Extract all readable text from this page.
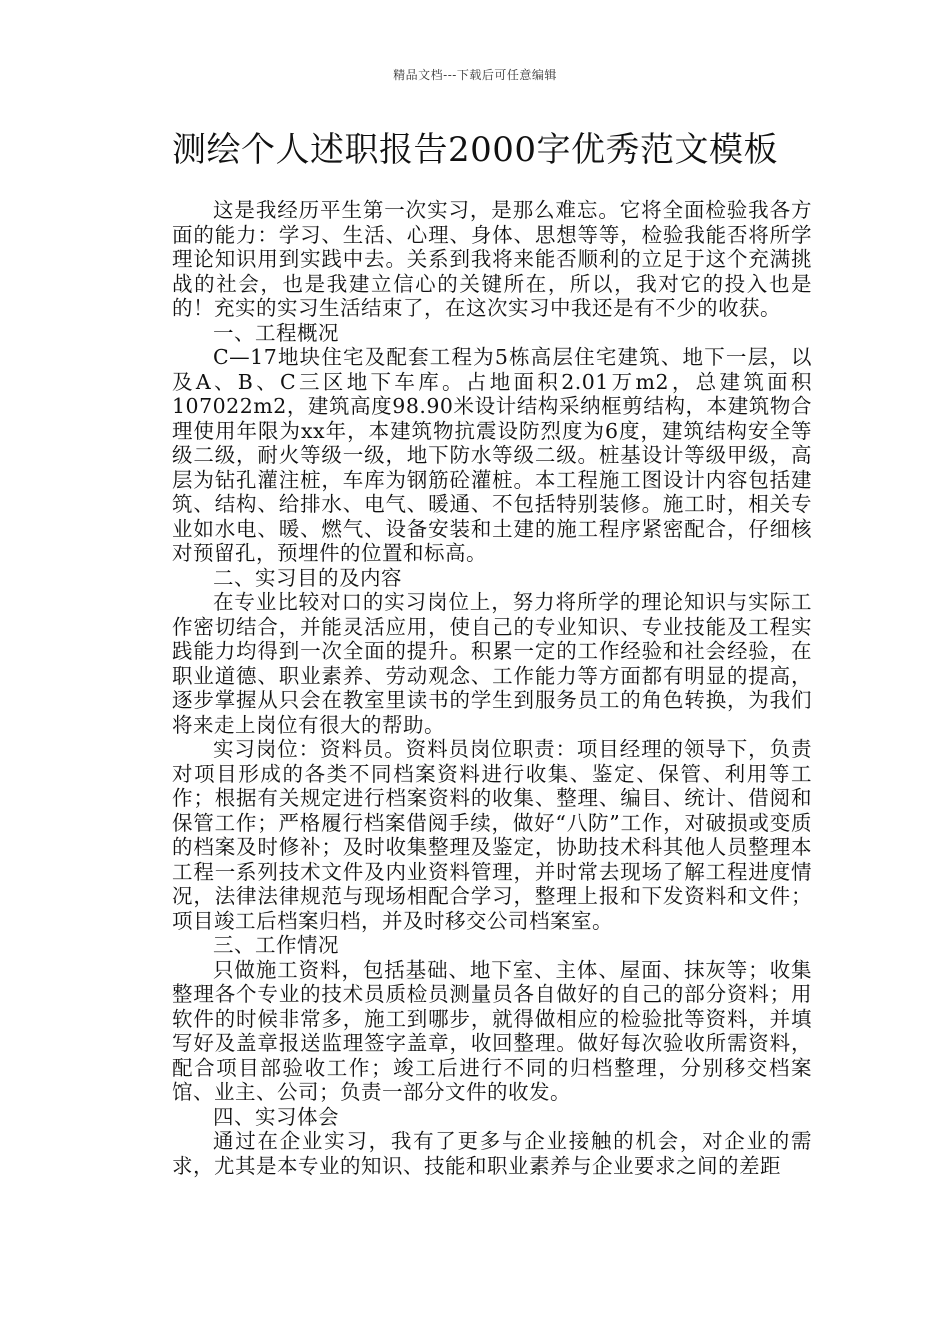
精品文档---下载后可任意编辑
测绘个人述职报告2000字优秀范文模板

这是我经历平生第一次实习，是那么难忘。它将全面检验我各方面的能力：学习、生活、心理、身体、思想等等，检验我能否将所学理论知识用到实践中去。关系到我将来能否顺利的立足于这个充满挑战的社会，也是我建立信心的关键所在，所以，我对它的投入也是的！充实的实习生活结束了，在这次实习中我还是有不少的收获。

一、工程概况

C—17地块住宅及配套工程为5栋高层住宅建筑、地下一层，以及A、B、C三区地下车库。占地面积2.01万m2，总建筑面积107022m2，建筑高度98.90米设计结构采纳框剪结构，本建筑物合理使用年限为xx年，本建筑物抗震设防烈度为6度，建筑结构安全等级二级，耐火等级一级，地下防水等级二级。桩基设计等级甲级，高层为钻孔灌注桩，车库为钢筋砼灌桩。本工程施工图设计内容包括建筑、结构、给排水、电气、暖通、不包括特别装修。施工时，相关专业如水电、暖、燃气、设备安装和土建的施工程序紧密配合，仔细核对预留孔，预埋件的位置和标高。

二、实习目的及内容

在专业比较对口的实习岗位上，努力将所学的理论知识与实际工作密切结合，并能灵活应用，使自己的专业知识、专业技能及工程实践能力均得到一次全面的提升。积累一定的工作经验和社会经验，在职业道德、职业素养、劳动观念、工作能力等方面都有明显的提高，逐步掌握从只会在教室里读书的学生到服务员工的角色转换，为我们将来走上岗位有很大的帮助。

实习岗位：资料员。资料员岗位职责：项目经理的领导下，负责对项目形成的各类不同档案资料进行收集、鉴定、保管、利用等工作；根据有关规定进行档案资料的收集、整理、编目、统计、借阅和保管工作；严格履行档案借阅手续，做好“八防”工作，对破损或变质的档案及时修补；及时收集整理及鉴定，协助技术科其他人员整理本工程一系列技术文件及内业资料管理，并时常去现场了解工程进度情况，法律法律规范与现场相配合学习，整理上报和下发资料和文件；项目竣工后档案归档，并及时移交公司档案室。

三、工作情况

只做施工资料，包括基础、地下室、主体、屋面、抹灰等；收集整理各个专业的技术员质检员测量员各自做好的自己的部分资料；用软件的时候非常多，施工到哪步，就得做相应的检验批等资料，并填写好及盖章报送监理签字盖章，收回整理。做好每次验收所需资料，配合项目部验收工作；竣工后进行不同的归档整理，分别移交档案馆、业主、公司；负责一部分文件的收发。

四、实习体会

通过在企业实习，我有了更多与企业接触的机会，对企业的需求，尤其是本专业的知识、技能和职业素养与企业要求之间的差距
